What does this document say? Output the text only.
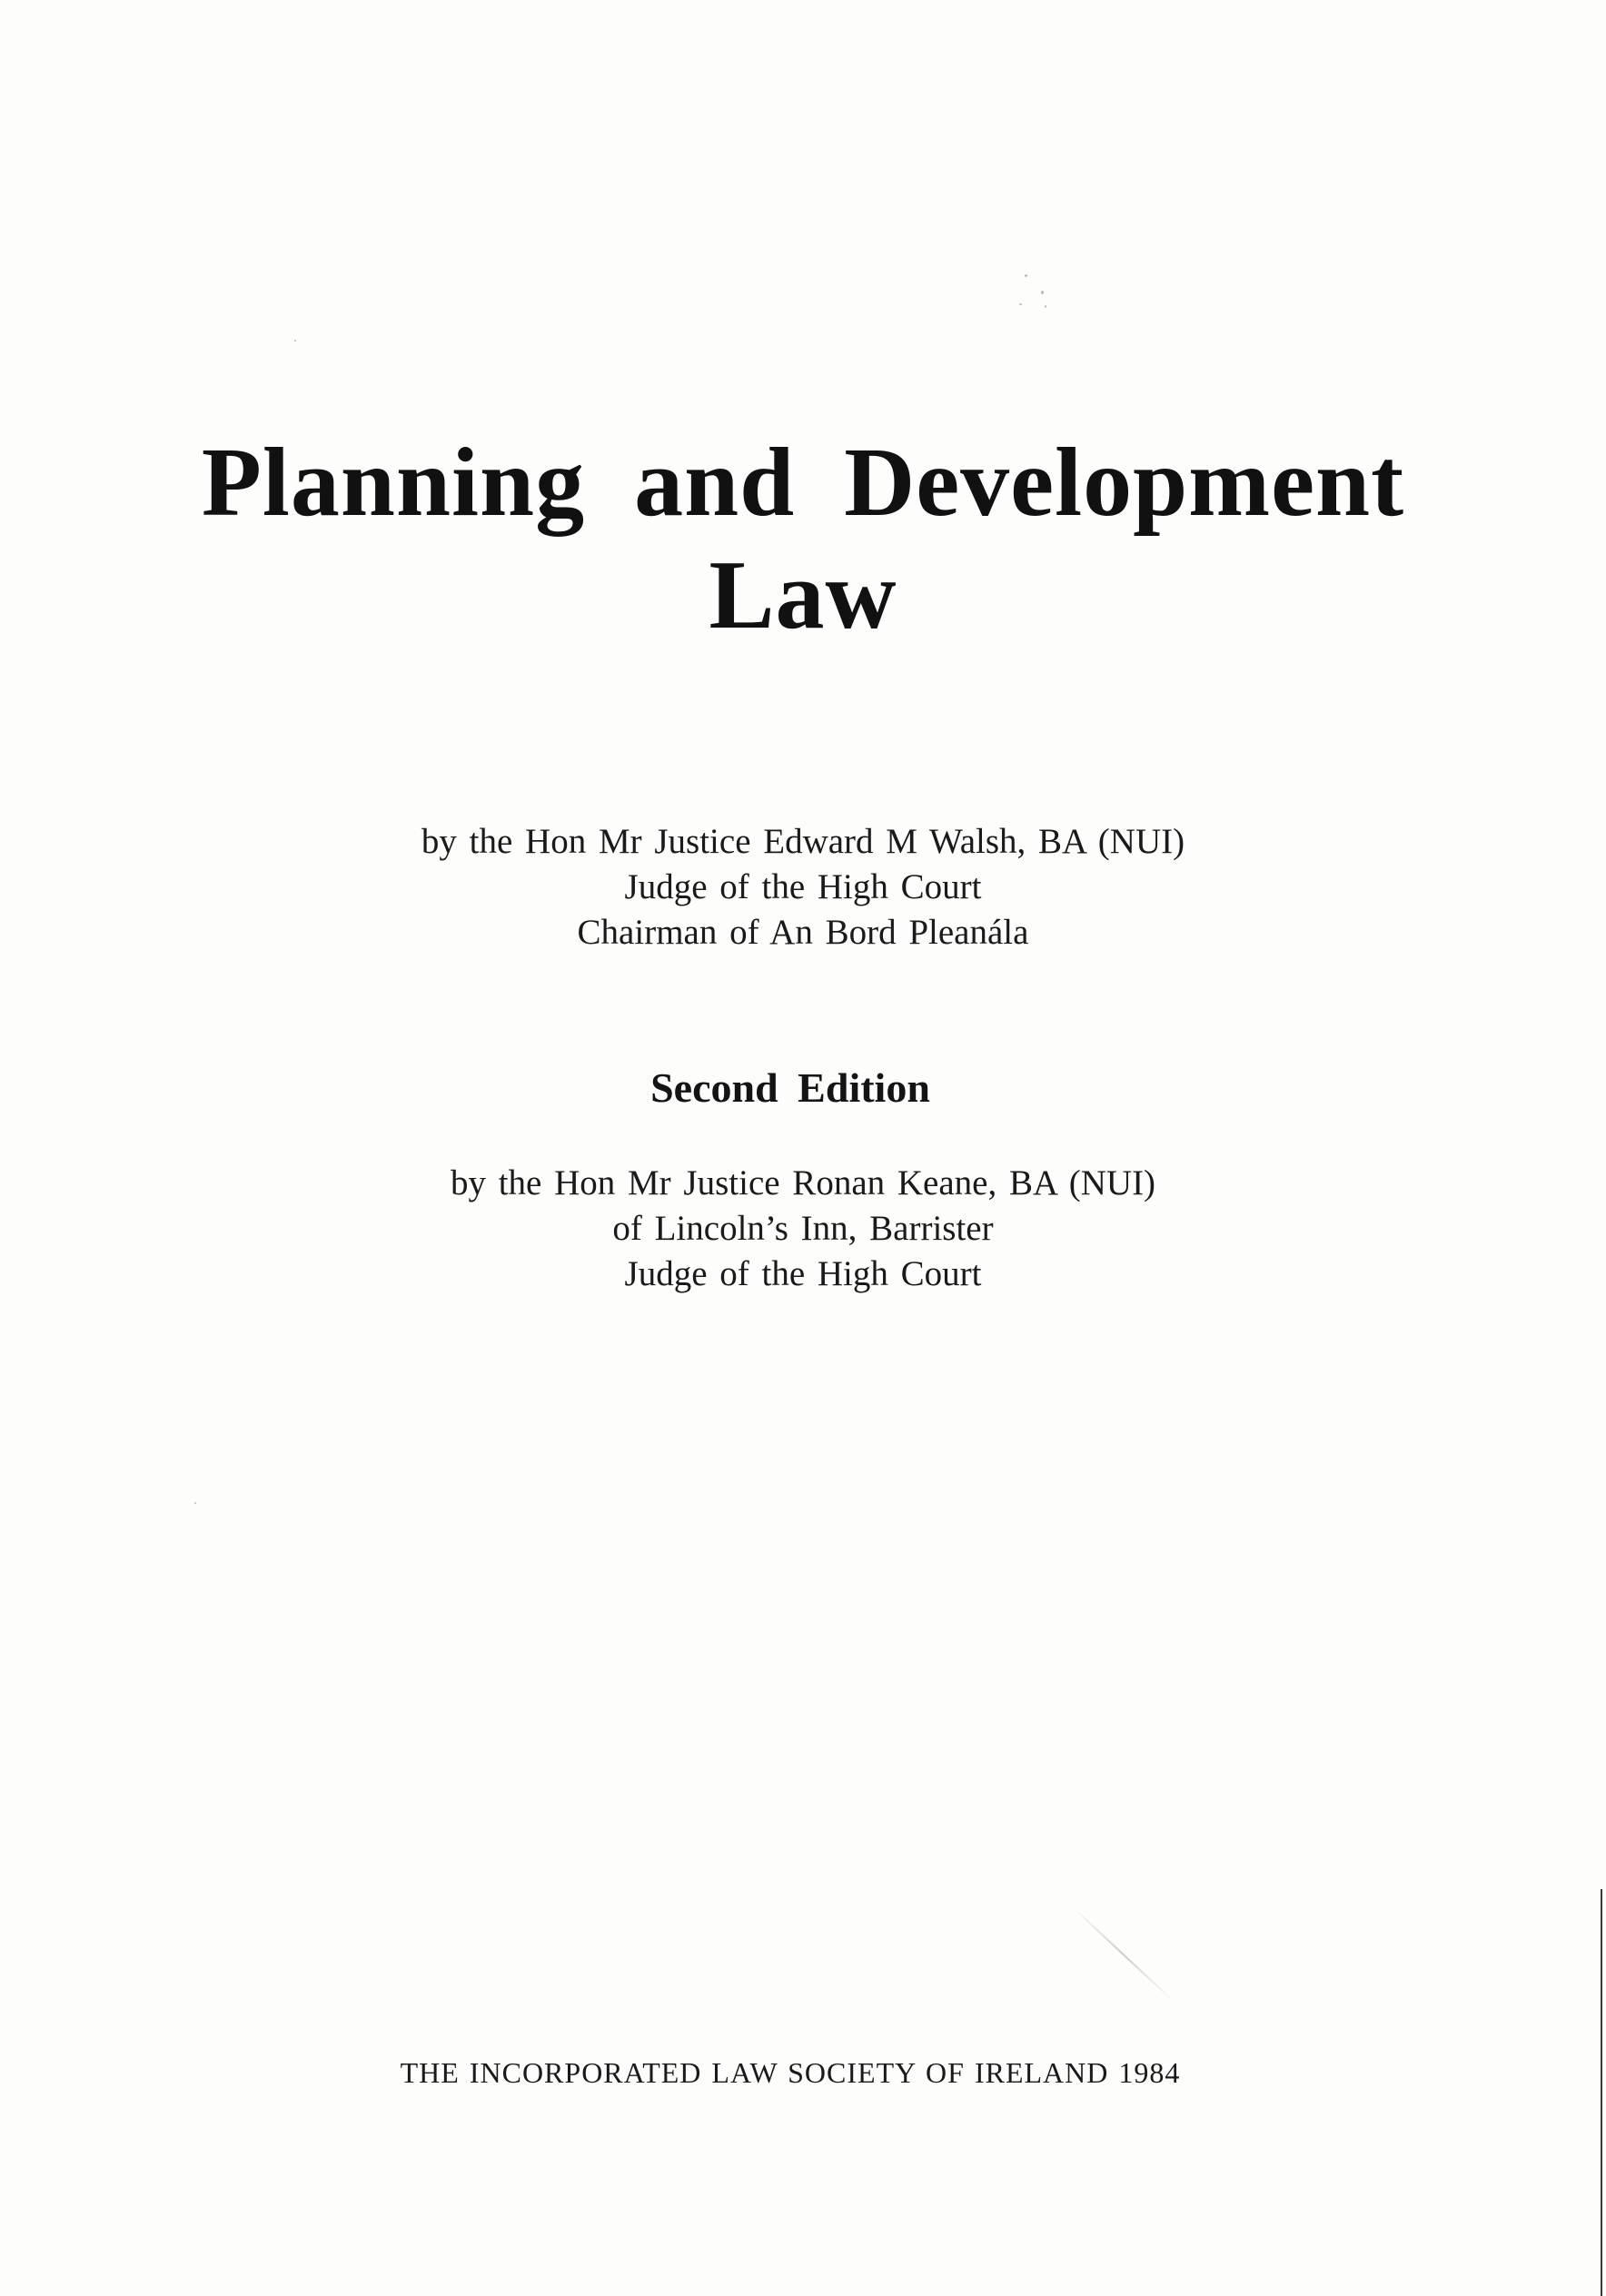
Planning and Development
Law
by the Hon Mr Justice Edward M Walsh, BA (NUI)
Judge of the High Court
Chairman of An Bord Pleanála
Second Edition
by the Hon Mr Justice Ronan Keane, BA (NUI)
of Lincoln’s Inn, Barrister
Judge of the High Court
THE INCORPORATED LAW SOCIETY OF IRELAND 1984
